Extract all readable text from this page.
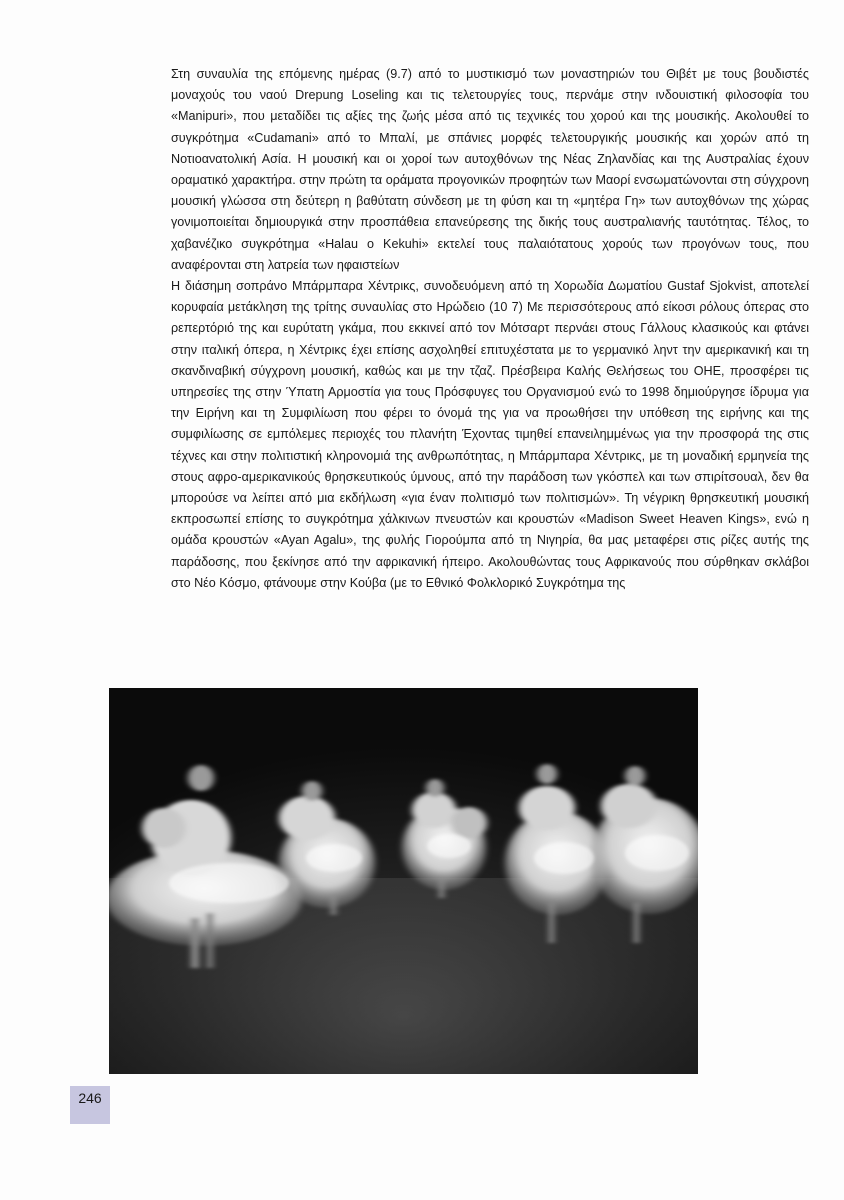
Στη συναυλία της επόμενης ημέρας (9.7) από το μυστικισμό των μοναστηριών του Θιβέτ με τους βουδιστές μοναχούς του ναού Drepung Loseling και τις τελετουργίες τους, περνάμε στην ινδουιστική φιλοσοφία του «Manipuri», που μεταδίδει τις αξίες της ζωής μέσα από τις τεχνικές του χορού και της μουσικής. Ακολουθεί το συγκρότημα «Cudamani» από το Μπαλί, με σπάνιες μορφές τελετουργικής μουσικής και χορών από τη Νοτιοανατολική Ασία. Η μουσική και οι χοροί των αυτοχθόνων της Νέας Ζηλανδίας και της Αυστραλίας έχουν οραματικό χαρακτήρα. στην πρώτη τα οράματα προγονικών προφητών των Μαορί ενσωματώνονται στη σύγχρονη μουσική γλώσσα στη δεύτερη η βαθύτατη σύνδεση με τη φύση και τη «μητέρα Γη» των αυτοχθόνων της χώρας γονιμοποιείται δημιουργικά στην προσπάθεια επανεύρεσης της δικής τους αυστραλιανής ταυτότητας. Τέλος, το χαβανέζικο συγκρότημα «Halau o Kekuhi» εκτελεί τους παλαιότατους χορούς των προγόνων τους, που αναφέρονται στη λατρεία των ηφαιστείων

Η διάσημη σοπράνο Μπάρμπαρα Χέντρικς, συνοδευόμενη από τη Χορωδία Δωματίου Gustaf Sjokvist, αποτελεί κορυφαία μετάκληση της τρίτης συναυλίας στο Ηρώδειο (10 7) Με περισσότερους από είκοσι ρόλους όπερας στο ρεπερτόριό της και ευρύτατη γκάμα, που εκκινεί από τον Μότσαρτ περνάει στους Γάλλους κλασικούς και φτάνει στην ιταλική όπερα, η Χέντρικς έχει επίσης ασχοληθεί επιτυχέστατα με το γερμανικό ληντ την αμερικανική και τη σκανδιναβική σύγχρονη μουσική, καθώς και με την τζαζ. Πρέσβειρα Καλής Θελήσεως του ΟΗΕ, προσφέρει τις υπηρεσίες της στην Ύπατη Αρμοστία για τους Πρόσφυγες του Οργανισμού ενώ το 1998 δημιούργησε ίδρυμα για την Ειρήνη και τη Συμφιλίωση που φέρει το όνομά της για να προωθήσει την υπόθεση της ειρήνης και της συμφιλίωσης σε εμπόλεμες περιοχές του πλανήτη Έχοντας τιμηθεί επανειλημμένως για την προσφορά της στις τέχνες και στην πολιτιστική κληρονομιά της ανθρωπότητας, η Μπάρμπαρα Χέντρικς, με τη μοναδική ερμηνεία της στους αφρο-αμερικανικούς θρησκευτικούς ύμνους, από την παράδοση των γκόσπελ και των σπιρίτσουαλ, δεν θα μπορούσε να λείπει από μια εκδήλωση «για έναν πολιτισμό των πολιτισμών». Τη νέγρικη θρησκευτική μουσική εκπροσωπεί επίσης το συγκρότημα χάλκινων πνευστών και κρουστών «Madison Sweet Heaven Kings», ενώ η ομάδα κρουστών «Ayan Agalu», της φυλής Γιορούμπα από τη Νιγηρία, θα μας μεταφέρει στις ρίζες αυτής της παράδοσης, που ξεκίνησε από την αφρικανική ήπειρο. Ακολουθώντας τους Αφρικανούς που σύρθηκαν σκλάβοι στο Νέο Κόσμο, φτάνουμε στην Κούβα (με το Εθνικό Φολκλορικό Συγκρότημα της

246
